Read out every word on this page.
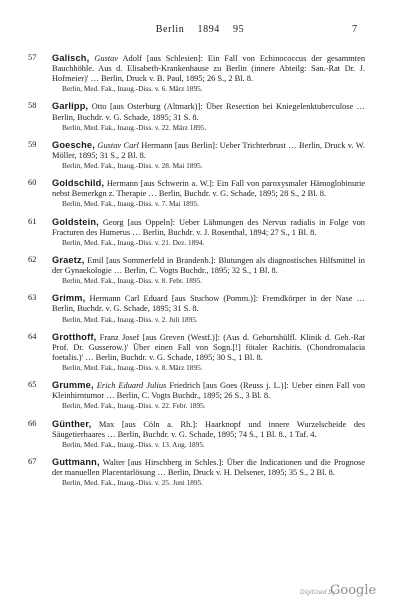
Berlin 1894 95	7
57 Galisch, Gustav Adolf [aus Schlesien]: Ein Fall von Echinococcus der gesammten Bauchhöhle. Aus d. Elisabeth-Krankenhause zu Berlin (innere Abteilg: San.-Rat Dr. J. Hofmeier)' … Berlin, Druck v. B. Paul, 1895; 26 S., 2 Bl. 8.
Berlin, Med. Fak., Inaug.-Diss. v. 6. März 1895.
58 Garlipp, Otto [aus Osterburg (Altmark)]: Über Resection bei Kniegelenktuberculose … Berlin, Buchdr. v. G. Schade, 1895; 31 S. 8.
Berlin, Med. Fak., Inaug.-Diss. v. 22. März 1895.
59 Goesche, Gustav Carl Hermann [aus Berlin]: Ueber Trichterbrust … Berlin, Druck v. W. Möller, 1895; 31 S., 2 Bl. 8.
Berlin, Med. Fak., Inaug.-Diss. v. 28. Mai 1895.
60 Goldschild, Hermann [aus Schwerin a. W.]: Ein Fall von paroxysmaler Hämoglobinurie nebst Bemerkgn z. Therapie … Berlin, Buchdr. v. G. Schade, 1895; 28 S., 2 Bl. 8.
Berlin, Med. Fak., Inaug.-Diss. v. 7. Mai 1895.
61 Goldstein, Georg [aus Oppeln]: Ueber Lähmungen des Nervus radialis in Folge von Fracturen des Humerus … Berlin, Buchdr. v. J. Rosenthal, 1894; 27 S., 1 Bl. 8.
Berlin, Med. Fak., Inaug.-Diss. v. 21. Dez. 1894.
62 Graetz, Emil [aus Sommerfeld in Brandenb.]: Blutungen als diagnostisches Hilfsmittel in der Gynaekologie … Berlin, C. Vogts Buchdr., 1895; 32 S., 1 Bl. 8.
Berlin, Med. Fak., Inaug.-Diss. v. 8. Febr. 1895.
63 Grimm, Hermann Carl Eduard [aus Stuchow (Pomm.)]: Fremdkörper in der Nase … Berlin, Buchdr. v. G. Schade, 1895; 31 S. 8.
Berlin, Med. Fak., Inaug.-Diss. v. 2. Juli 1895.
64 Grotthoff, Franz Josef [aus Greven (Westf.)]: (Aus d. Geburtshülfl. Klinik d. Geh.-Rat Prof. Dr. Gusserow.)' Über einen Fall von Sogn.[!] fötaler Rachitis. (Chondromalacia foetalis.)' … Berlin, Buchdr. v. G. Schade, 1895; 30 S., 1 Bl. 8.
Berlin, Med. Fak., Inaug.-Diss. v. 8. März 1895.
65 Grumme, Erich Eduard Julius Friedrich [aus Goes (Reuss j. L.)]: Ueber einen Fall von Kleinhirntumor … Berlin, C. Vogts Buchdr., 1895; 26 S., 3 Bl. 8.
Berlin, Med. Fak., Inaug.-Diss. v. 22. Febr. 1895.
66 Günther, Max [aus Cöln a. Rh.]: Haarknopf und innere Wurzelscheide des Säugetierhaares … Berlin, Buchdr. v. G. Schade, 1895; 74 S., 1 Bl. 8., 1 Taf. 4.
Berlin, Med. Fak., Inaug.-Diss. v. 13. Aug. 1895.
67 Guttmann, Walter [aus Hirschberg in Schles.]: Über die Indicationen und die Prognose der manuellen Placentarlösung … Berlin, Druck v. H. Delsener, 1895; 35 S., 2 Bl. 8.
Berlin, Med. Fak., Inaug.-Diss. v. 25. Juni 1895.
Digitized by
Google
